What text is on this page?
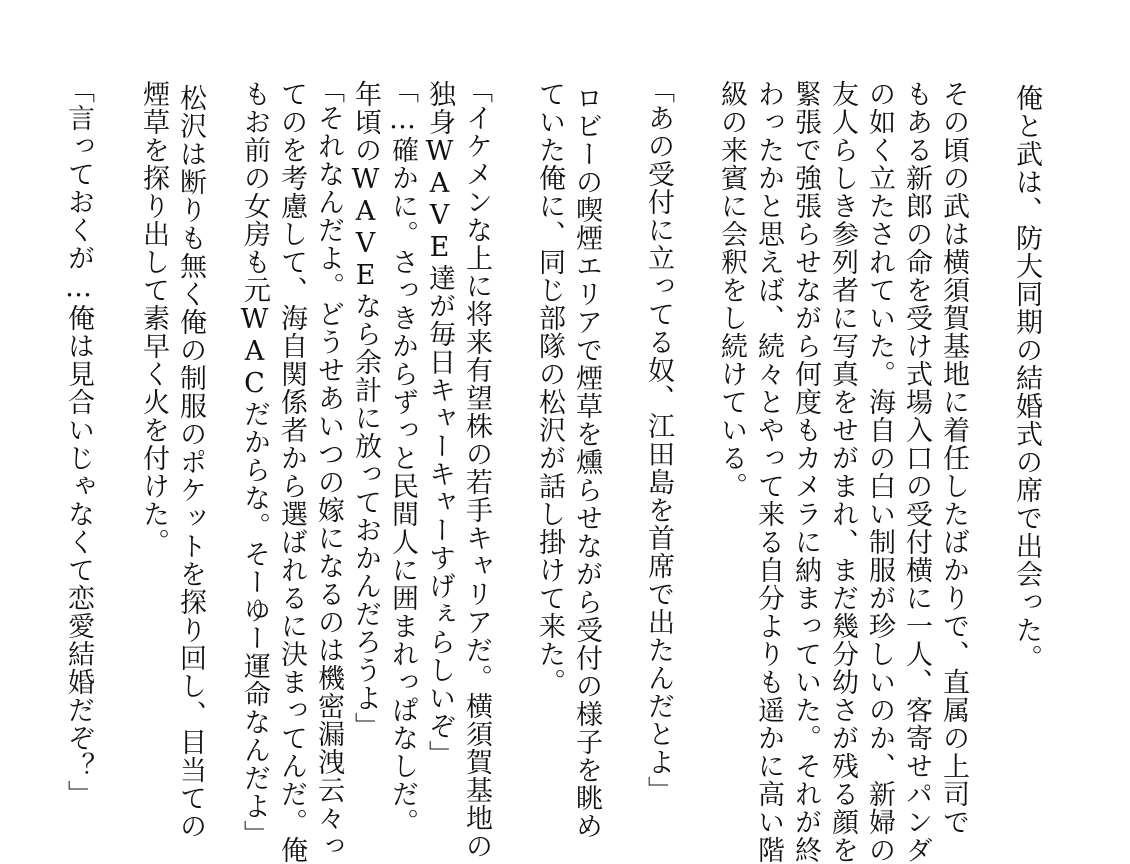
俺と武は、防大同期の結婚式の席で出会った。
その頃の武は横須賀基地に着任したばかりで、直属の上司で
もある新郎の命を受け式場入口の受付横に一人、客寄せパンダ
の如く立たされていた。海自の白い制服が珍しいのか、新婦の
友人らしき参列者に写真をせがまれ、まだ幾分幼さが残る顔を
緊張で強張らせながら何度もカメラに納まっていた。それが終
わったかと思えば、続々とやって来る自分よりも遥かに高い階
級の来賓に会釈をし続けている。
「あの受付に立ってる奴、江田島を首席で出たんだとよ」
ロビーの喫煙エリアで煙草を燻らせながら受付の様子を眺め
ていた俺に、同じ部隊の松沢が話し掛けて来た。
「イケメンな上に将来有望株の若手キャリアだ。横須賀基地の
独身WAVE達が毎日キャーキャーすげぇらしいぞ」
「…確かに。さっきからずっと民間人に囲まれっぱなしだ。
年頃のWAVEなら余計に放っておかんだろうよ」
「それなんだよ。どうせあいつの嫁になるのは機密漏洩云々っ
てのを考慮して、海自関係者から選ばれるに決まってんだ。俺
もお前の女房も元WACだからな。そーゆー運命なんだよ」
松沢は断りも無く俺の制服のポケットを探り回し、目当ての
煙草を探り出して素早く火を付けた。
「言っておくが…俺は見合いじゃなくて恋愛結婚だぞ？」
